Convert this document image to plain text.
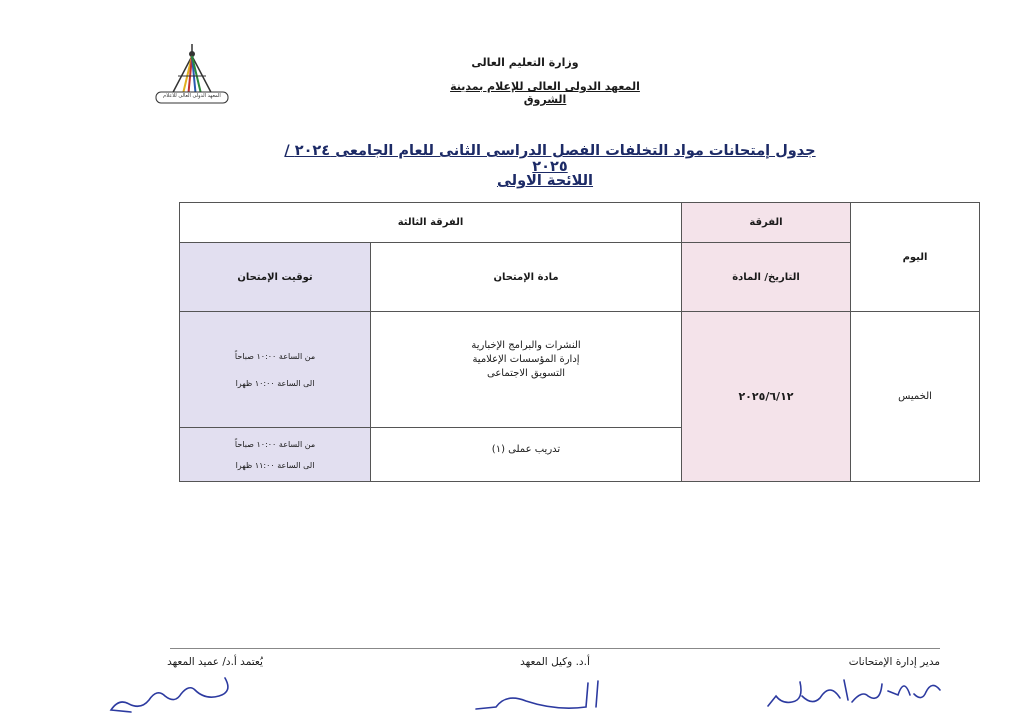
المعهد الدولى العالى للاعلام
وزارة التعليم العالى
المعهد الدولى العالى للإعلام بمدينة الشروق
جدول إمتحانات مواد التخلفات الفصل الدراسى الثانى للعام الجامعى ٢٠٢٤ / ٢٠٢٥
اللائحة الاولى
اليوم
الفرقة
الفرقة الثالثة
التاريخ/ المادة
مادة الإمتحان
توقيت الإمتحان
الخميس
٢٠٢٥/٦/١٢
النشرات والبرامج الإخبارية
إدارة المؤسسات الإعلامية
التسويق الاجتماعى
من الساعة ١٠:٠٠ صباحاً
الى الساعة ١٠:٠٠ ظهرا
تدريب عملى (١)
من الساعة ١٠:٠٠ صباحاً
الى الساعة ١١:٠٠ ظهرا
مدير إدارة الإمتحانات
أ.د. وكيل المعهد
يُعتمد أ.د/ عميد المعهد
